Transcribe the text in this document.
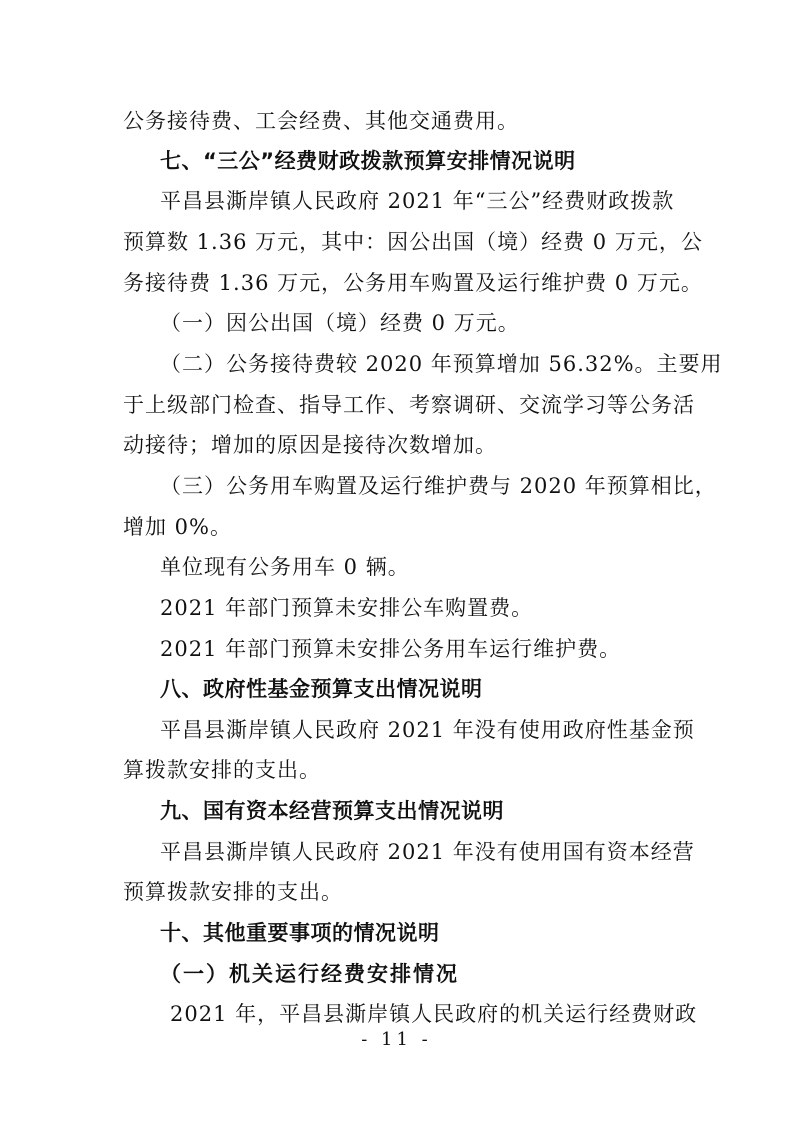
公务接待费、工会经费、其他交通费用。
七、“三公”经费财政拨款预算安排情况说明
平昌县澌岸镇人民政府 2021 年“三公”经费财政拨款
预算数 1.36 万元，其中：因公出国（境）经费 0 万元，公
务接待费 1.36 万元，公务用车购置及运行维护费 0 万元。
（一）因公出国（境）经费 0 万元。
（二）公务接待费较 2020 年预算增加 56.32%。主要用
于上级部门检查、指导工作、考察调研、交流学习等公务活
动接待；增加的原因是接待次数增加。
（三）公务用车购置及运行维护费与 2020 年预算相比，
增加 0%。
单位现有公务用车 0 辆。
2021 年部门预算未安排公车购置费。
2021 年部门预算未安排公务用车运行维护费。
八、政府性基金预算支出情况说明
平昌县澌岸镇人民政府 2021 年没有使用政府性基金预
算拨款安排的支出。
九、国有资本经营预算支出情况说明
平昌县澌岸镇人民政府 2021 年没有使用国有资本经营
预算拨款安排的支出。
十、其他重要事项的情况说明
（一）机关运行经费安排情况
2021 年，平昌县澌岸镇人民政府的机关运行经费财政
- 11 -
